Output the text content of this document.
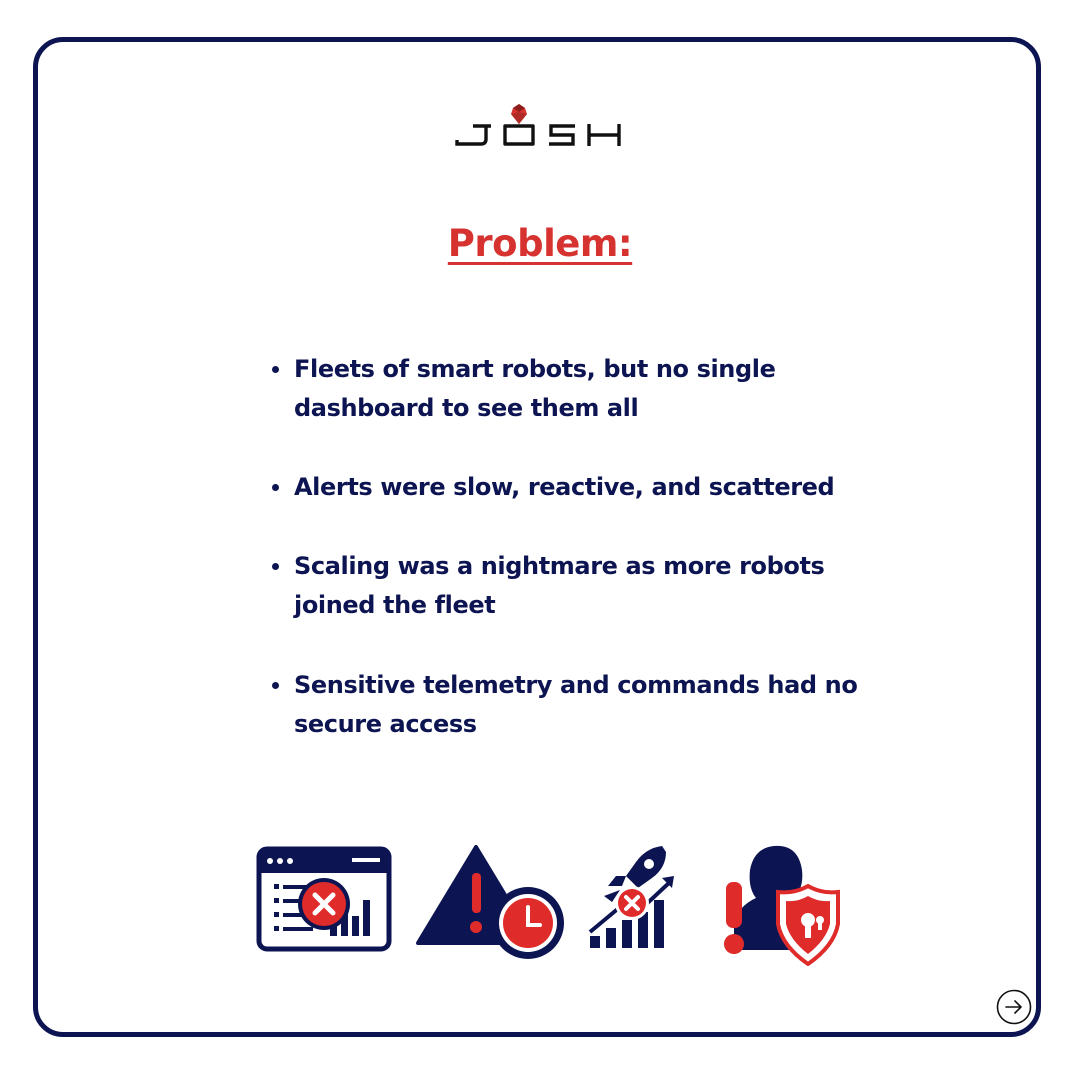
Problem:
Fleets of smart robots, but no single dashboard to see them all
Alerts were slow, reactive, and scattered
Scaling was a nightmare as more robots joined the fleet
Sensitive telemetry and commands had no secure access
